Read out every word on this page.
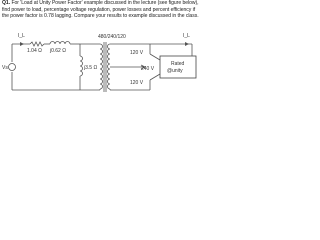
Q1. For 'Load at Unity Power Factor' example discussed in the lecture (see figure below), find power to load, percentage voltage regulation, power losses and percent efficiency if the power factor is 0.78 lagging. Compare your results to example discussed in the class.
I_L	I_L
1.04 Ω j0.62 Ω
480/240/120
j3.5 Ω
120 V
120 V
240 V
Vs
Rated
@unity
